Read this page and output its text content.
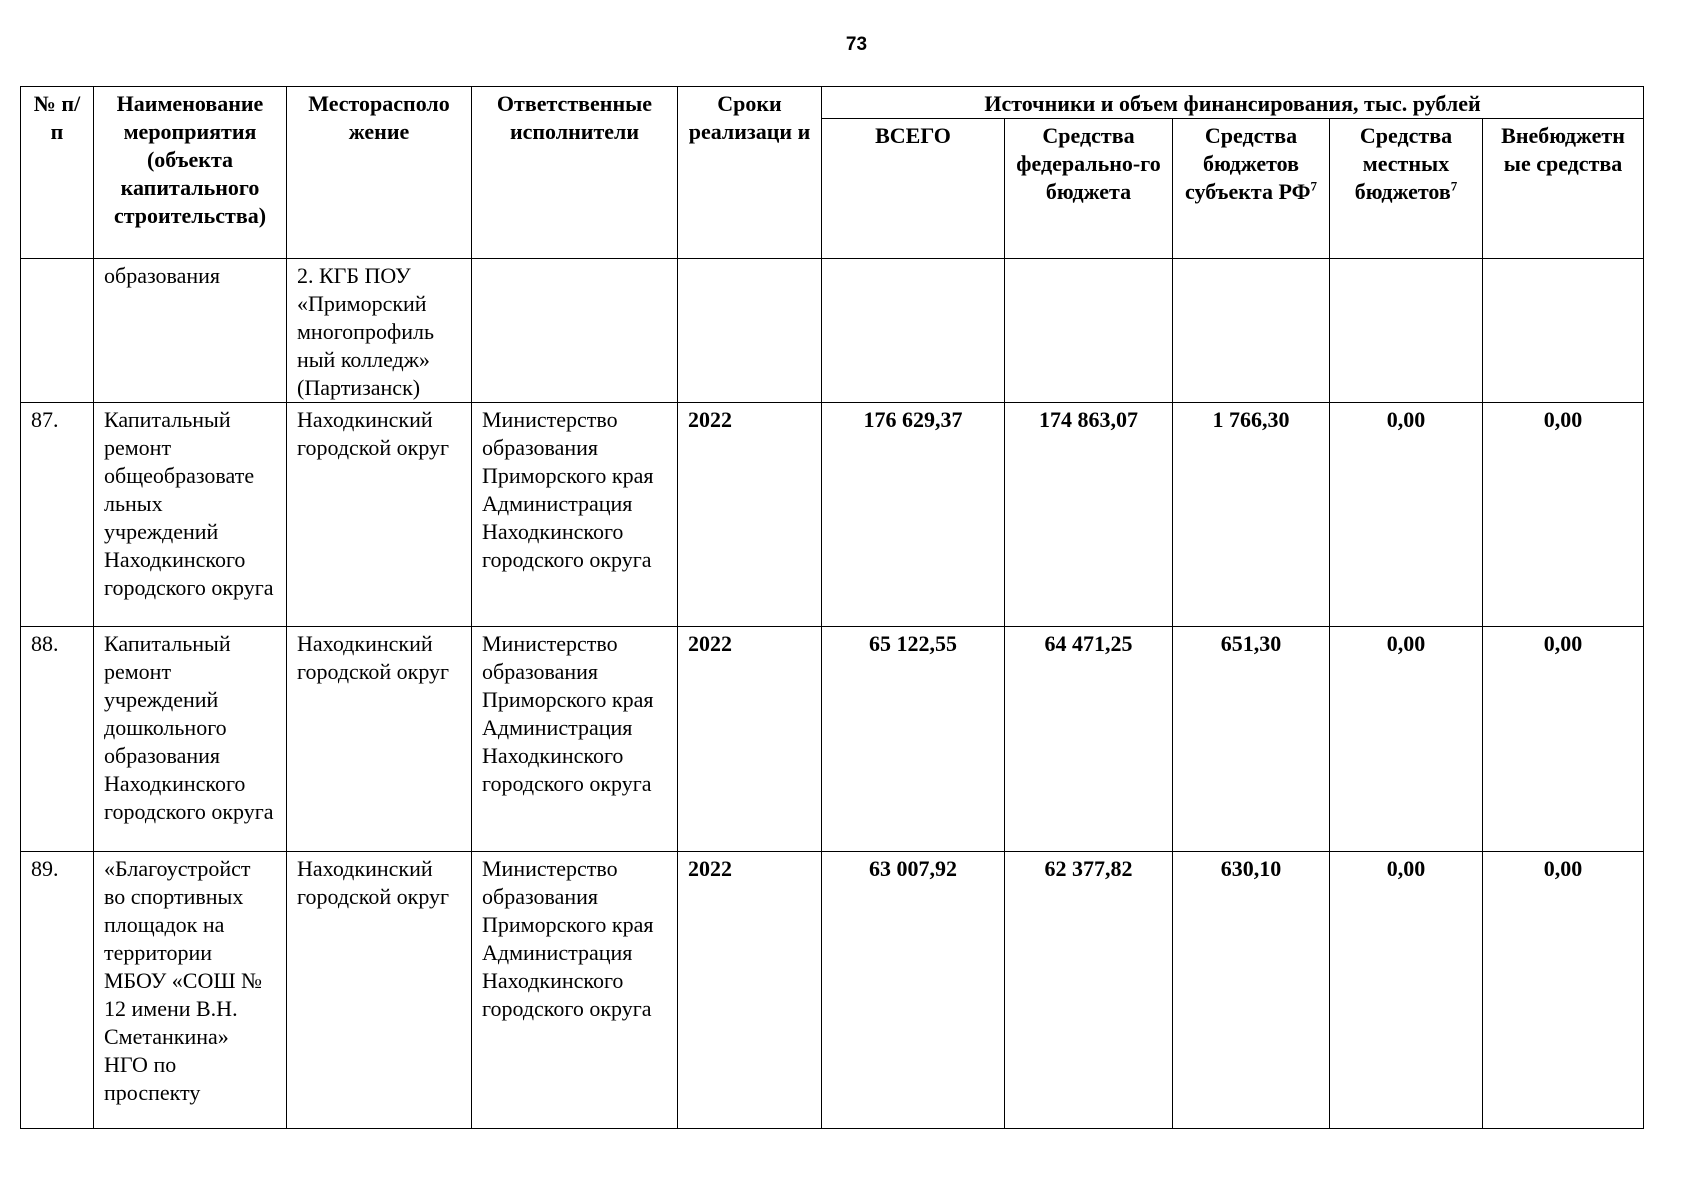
73
№ п/п	Наименование мероприятия (объекта капитального строительства)	Месторасполо жение	Ответственные исполнители	Сроки реализаци и	Источники и объем финансирования, тыс. рублей				
					ВСЕГО	Средства федерально-го бюджета	Средства бюджетов субъекта $РФ^7$	Средства местных бюджетов$^7$	Внебюджетн ые средства
	образования	2. КГБ ПОУ «Приморский многопрофиль ный колледж» (Партизанск)							
87.	Капитальный ремонт общеобразовате льных учреждений Находкинского городского округа	Находкинский городской округ	Министерство образования Приморского края Администрация Находкинского городского округа	2022	176 629,37	174 863,07	1 766,30	0,00	0,00
88.	Капитальный ремонт учреждений дошкольного образования Находкинского городского округа	Находкинский городской округ	Министерство образования Приморского края Администрация Находкинского городского округа	2022	65 122,55	64 471,25	651,30	0,00	0,00
89.	«Благоустройст во спортивных площадок на территории МБОУ «СОШ № 12 имени В.Н. Сметанкина» НГО по проспекту	Находкинский городской округ	Министерство образования Приморского края Администрация Находкинского городского округа	2022	63 007,92	62 377,82	630,10	0,00	0,00
